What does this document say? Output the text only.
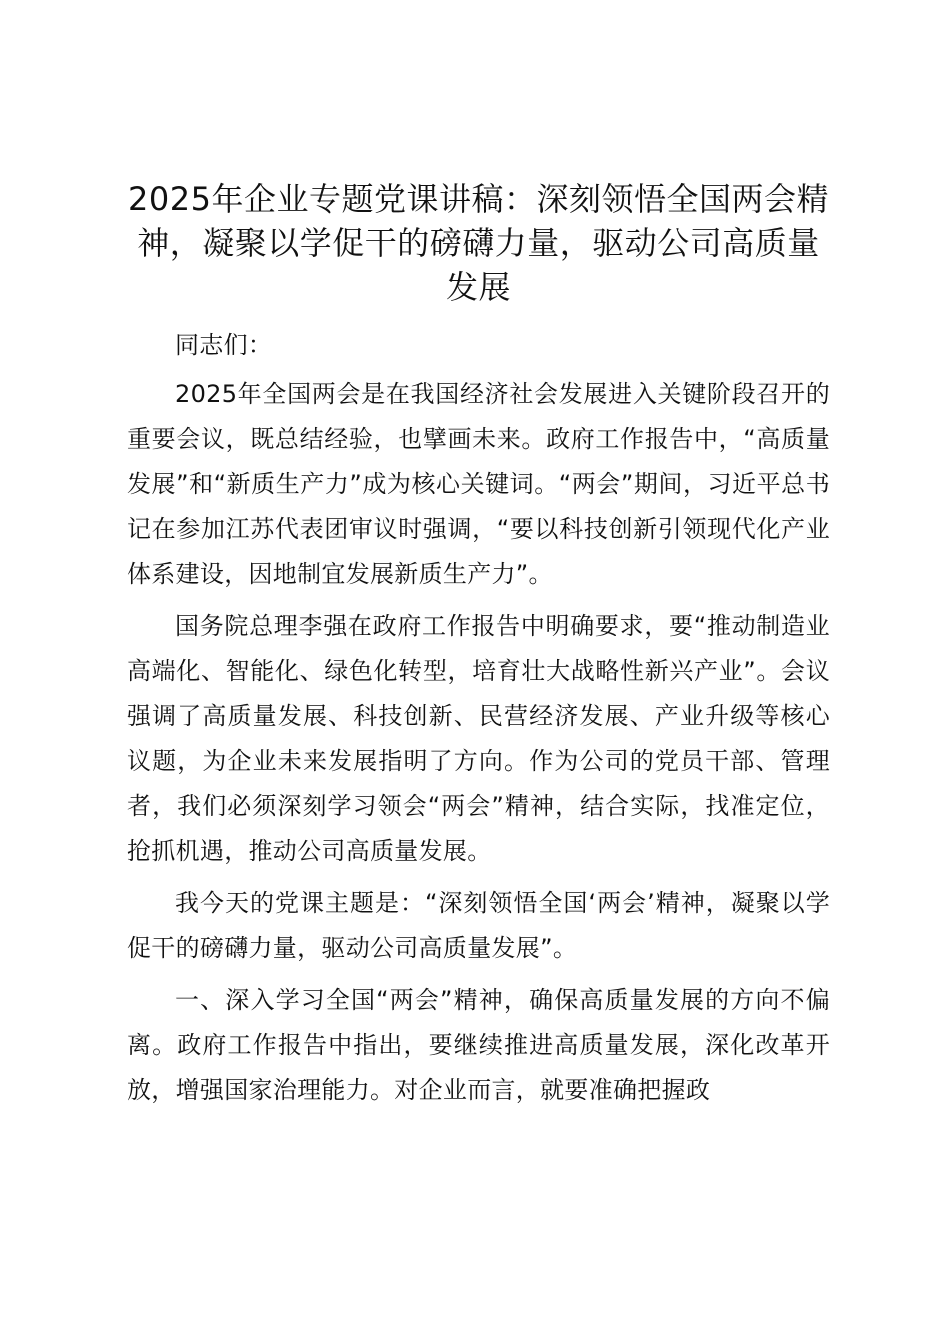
2025年企业专题党课讲稿：深刻领悟全国两会精神，凝聚以学促干的磅礴力量，驱动公司高质量发展

同志们：

2025年全国两会是在我国经济社会发展进入关键阶段召开的重要会议，既总结经验，也擘画未来。政府工作报告中，“高质量发展”和“新质生产力”成为核心关键词。“两会”期间，习近平总书记在参加江苏代表团审议时强调，“要以科技创新引领现代化产业体系建设，因地制宜发展新质生产力”。

国务院总理李强在政府工作报告中明确要求，要“推动制造业高端化、智能化、绿色化转型，培育壮大战略性新兴产业”。会议强调了高质量发展、科技创新、民营经济发展、产业升级等核心议题，为企业未来发展指明了方向。作为公司的党员干部、管理者，我们必须深刻学习领会“两会”精神，结合实际，找准定位，抢抓机遇，推动公司高质量发展。

我今天的党课主题是：“深刻领悟全国‘两会’精神，凝聚以学促干的磅礴力量，驱动公司高质量发展”。

一、深入学习全国“两会”精神，确保高质量发展的方向不偏离。政府工作报告中指出，要继续推进高质量发展，深化改革开放，增强国家治理能力。对企业而言，就要准确把握政
